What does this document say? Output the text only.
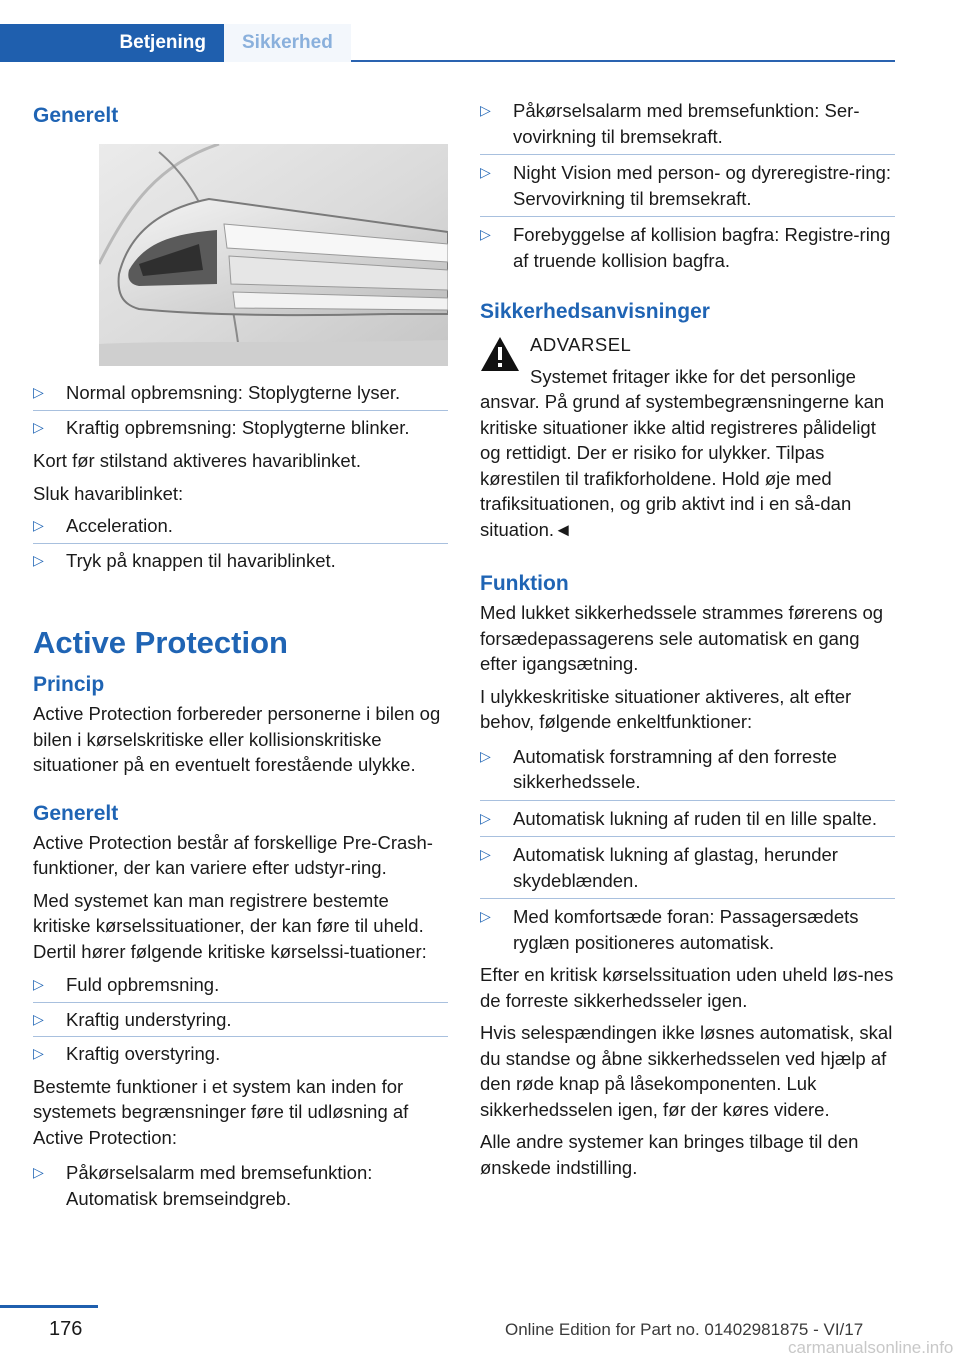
Betjening	Sikkerhed
Generelt
▷ Normal opbremsning: Stoplygterne lyser.
▷ Kraftig opbremsning: Stoplygterne blinker.
Kort før stilstand aktiveres havariblinket.
Sluk havariblinket:
▷ Acceleration.
▷ Tryk på knappen til havariblinket.
Active Protection
Princip
Active Protection forbereder personerne i bilen og bilen i kørselskritiske eller kollisionskritiske situationer på en eventuelt forestående ulykke.
Generelt
Active Protection består af forskellige Pre-Crash-funktioner, der kan variere efter udstyr-ring.
Med systemet kan man registrere bestemte kritiske kørselssituationer, der kan føre til uheld. Dertil hører følgende kritiske kørselssi-tuationer:
▷ Fuld opbremsning.
▷ Kraftig understyring.
▷ Kraftig overstyring.
Bestemte funktioner i et system kan inden for systemets begrænsninger føre til udløsning af Active Protection:
▷ Påkørselsalarm med bremsefunktion: Automatisk bremseindgreb.
▷ Påkørselsalarm med bremsefunktion: Ser-vovirkning til bremsekraft.
▷ Night Vision med person- og dyreregistre-ring: Servovirkning til bremsekraft.
▷ Forebyggelse af kollision bagfra: Registre-ring af truende kollision bagfra.
Sikkerhedsanvisninger
ADVARSEL
Systemet fritager ikke for det personlige ansvar. På grund af systembegrænsningerne kan kritiske situationer ikke altid registreres pålideligt og rettidigt. Der er risiko for ulykker. Tilpas kørestilen til trafikforholdene. Hold øje med trafiksituationen, og grib aktivt ind i en så-dan situation.◄
Funktion
Med lukket sikkerhedssele strammes førerens og forsædepassagerens sele automatisk en gang efter igangsætning.
I ulykkeskritiske situationer aktiveres, alt efter behov, følgende enkeltfunktioner:
▷ Automatisk forstramning af den forreste sikkerhedssele.
▷ Automatisk lukning af ruden til en lille spalte.
▷ Automatisk lukning af glastag, herunder skydeblænden.
▷ Med komfortsæde foran: Passagersædets ryglæn positioneres automatisk.
Efter en kritisk kørselssituation uden uheld løs-nes de forreste sikkerhedsseler igen.
Hvis selespændingen ikke løsnes automatisk, skal du standse og åbne sikkerhedsselen ved hjælp af den røde knap på låsekomponenten. Luk sikkerhedsselen igen, før der køres videre.
Alle andre systemer kan bringes tilbage til den ønskede indstilling.
176	Online Edition for Part no. 01402981875 - VI/17
carmanualsonline.info
